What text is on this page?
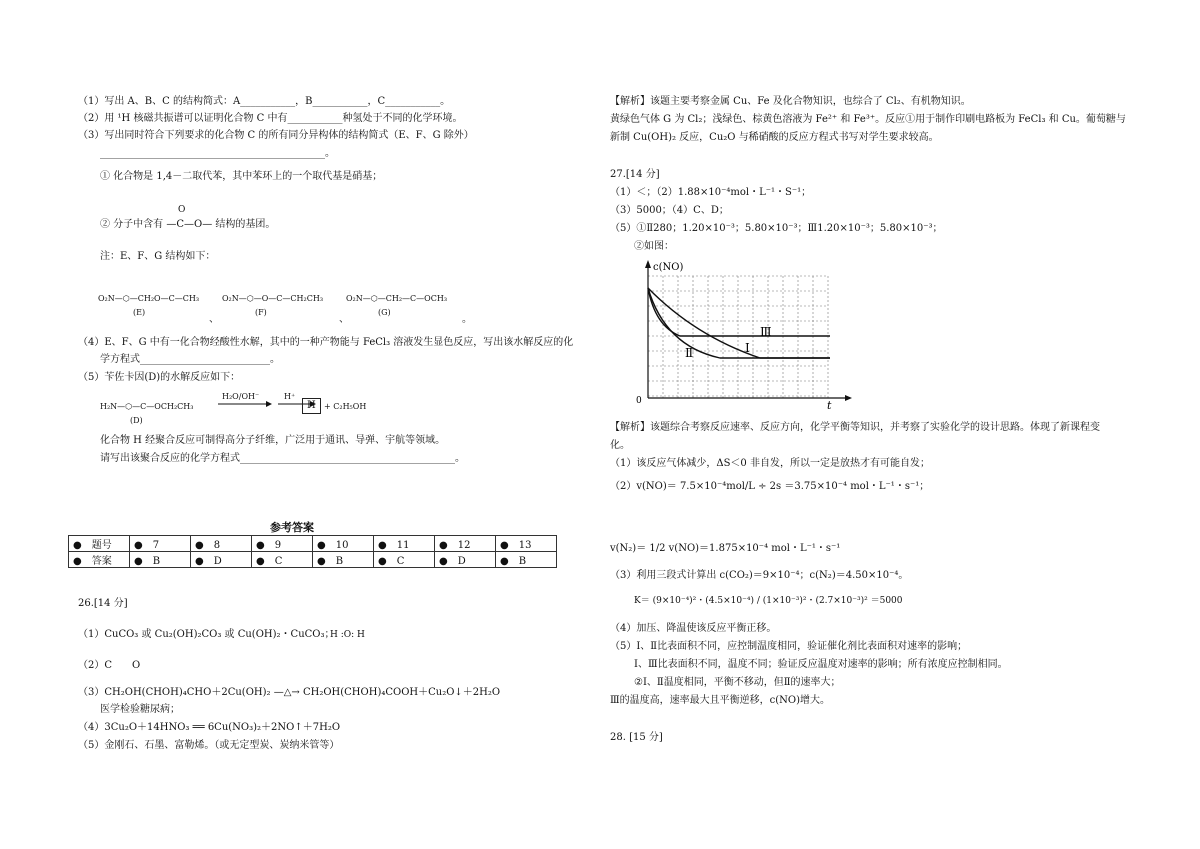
（1）写出 A、B、C 的结构简式：A___________，B___________，C___________。
（2）用 ¹H 核磁共振谱可以证明化合物 C 中有___________种氢处于不同的化学环境。
（3）写出同时符合下列要求的化合物 C 的所有同分异构体的结构简式（E、F、G 除外）
_____________________________________________。
① 化合物是 1,4－二取代苯，其中苯环上的一个取代基是硝基；
O
② 分子中含有 —C—O— 结构的基团。
注：E、F、G 结构如下：
O₂N—⬡—CH₂O—C—CH₃
(E)
、
O₂N—⬡—O—C—CH₂CH₃
(F)
、
O₂N—⬡—CH₂—C—OCH₃
(G)
。
（4）E、F、G 中有一化合物经酸性水解，其中的一种产物能与 FeCl₃ 溶液发生显色反应，写出该水解反应的化
学方程式__________________________。
（5）苄佐卡因(D)的水解反应如下：
H₂N—⬡—C—OCH₂CH₃
(D)
H₂O/OH⁻	H⁺
H	+ C₂H₅OH
化合物 H 经聚合反应可制得高分子纤维，广泛用于通讯、导弹、宇航等领域。
请写出该聚合反应的化学方程式___________________________________________。
参考答案
●　题号	●　7	●　8	●　9	●　10	●　11	●　12	●　13
●　答案	●　B	●　D	●　C	●　B	●　C	●　D	●　B
26.[14 分]
（1）CuCO₃ 或 Cu₂(OH)₂CO₃ 或 Cu(OH)₂・CuCO₃；
H :O: H
（2）C　　O
（3）CH₂OH(CHOH)₄CHO＋2Cu(OH)₂ —△→ CH₂OH(CHOH)₄COOH＋Cu₂O↓＋2H₂O
医学检验糖尿病；
（4）3Cu₂O＋14HNO₃ ══ 6Cu(NO₃)₂＋2NO↑＋7H₂O
（5）金刚石、石墨、富勒烯。（或无定型炭、炭纳米管等）
【解析】该题主要考察金属 Cu、Fe 及化合物知识，也综合了 Cl₂、有机物知识。
黄绿色气体 G 为 Cl₂；浅绿色、棕黄色溶液为 Fe²⁺ 和 Fe³⁺。反应①用于制作印刷电路板为 FeCl₃ 和 Cu。葡萄糖与
新制 Cu(OH)₂ 反应，Cu₂O 与稀硝酸的反应方程式书写对学生要求较高。
27.[14 分]
（1）＜；（2）1.88×10⁻⁴mol・L⁻¹・S⁻¹；
（3）5000；（4）C、D；
（5）①Ⅱ280；1.20×10⁻³；5.80×10⁻³；Ⅲ1.20×10⁻³；5.80×10⁻³；
②如图：
c(NO)
t
0
Ⅰ
Ⅱ
Ⅲ
【解析】该题综合考察反应速率、反应方向，化学平衡等知识，并考察了实验化学的设计思路。体现了新课程变
化。
（1）该反应气体减少，ΔS＜0 非自发，所以一定是放热才有可能自发；
（2）v(NO)＝ 7.5×10⁻⁴mol/L ÷ 2s ＝3.75×10⁻⁴ mol・L⁻¹・s⁻¹；
v(N₂)＝ 1/2 v(NO)＝1.875×10⁻⁴ mol・L⁻¹・s⁻¹
（3）利用三段式计算出 c(CO₂)＝9×10⁻⁴；c(N₂)＝4.50×10⁻⁴。
K＝ (9×10⁻⁴)²・(4.5×10⁻⁴) / (1×10⁻³)²・(2.7×10⁻³)² ＝5000
（4）加压、降温使该反应平衡正移。
（5）Ⅰ、Ⅱ比表面积不同，应控制温度相同，验证催化剂比表面积对速率的影响；
Ⅰ、Ⅲ比表面积不同，温度不同；验证反应温度对速率的影响；所有浓度应控制相同。
②Ⅰ、Ⅱ温度相同，平衡不移动，但Ⅱ的速率大；
Ⅲ的温度高，速率最大且平衡逆移，c(NO)增大。
28. [15 分]
